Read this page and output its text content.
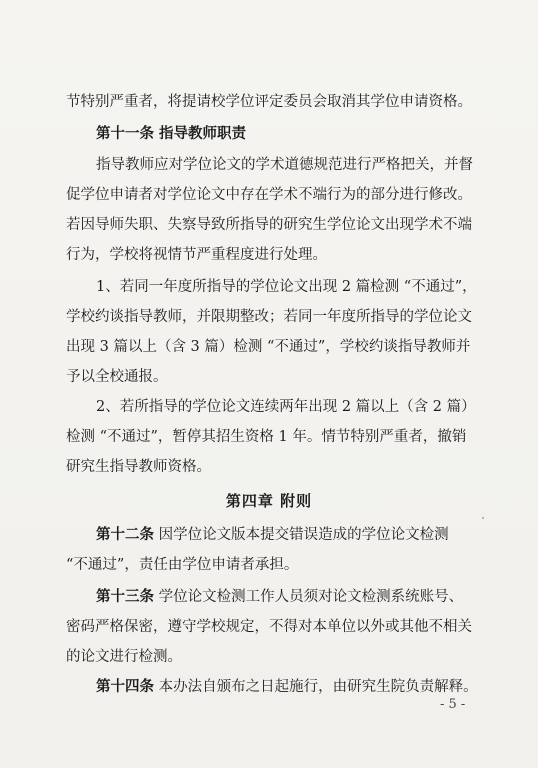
节特别严重者，将提请校学位评定委员会取消其学位申请资格。
第十一条 指导教师职责
指导教师应对学位论文的学术道德规范进行严格把关，并督
促学位申请者对学位论文中存在学术不端行为的部分进行修改。
若因导师失职、失察导致所指导的研究生学位论文出现学术不端
行为，学校将视情节严重程度进行处理。
1、若同一年度所指导的学位论文出现 2 篇检测 “不通过”，
学校约谈指导教师，并限期整改；若同一年度所指导的学位论文
出现 3 篇以上（含 3 篇）检测 “不通过”，学校约谈指导教师并
予以全校通报。
2、若所指导的学位论文连续两年出现 2 篇以上（含 2 篇）
检测 “不通过”，暂停其招生资格 1 年。情节特别严重者，撤销
研究生指导教师资格。
第四章 附则
第十二条 因学位论文版本提交错误造成的学位论文检测
“不通过”，责任由学位申请者承担。
第十三条 学位论文检测工作人员须对论文检测系统账号、
密码严格保密，遵守学校规定，不得对本单位以外或其他不相关
的论文进行检测。
第十四条 本办法自颁布之日起施行，由研究生院负责解释。
- 5 -
